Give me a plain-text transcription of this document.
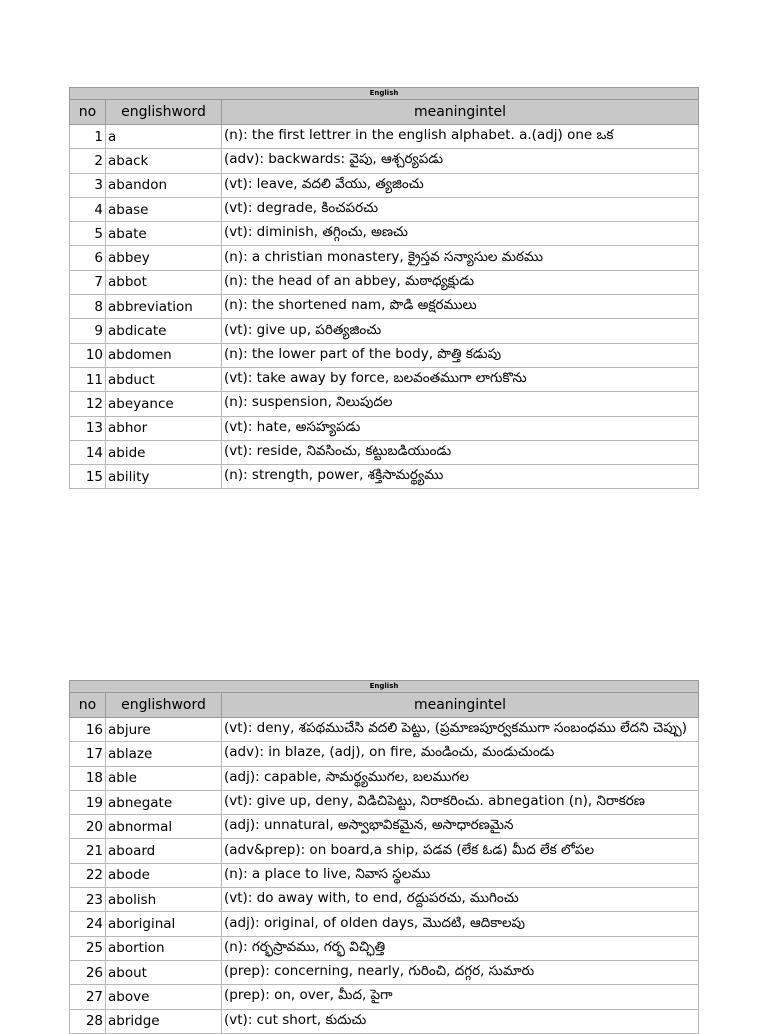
English		
no	englishword	meaningintel
1	a	(n): the first lettrer in the english alphabet. a.(adj) one ఒక
2	aback	(adv): backwards: వైపు, ఆశ్చర్యపడు
3	abandon	(vt): leave, వదలి వేయు, త్యజించు
4	abase	(vt): degrade, కించపరచు
5	abate	(vt): diminish, తగ్గించు, అణచు
6	abbey	(n): a christian monastery, క్రైస్తవ సన్యాసుల మఠము
7	abbot	(n): the head of an abbey, మఠాధ్యక్షుడు
8	abbreviation	(n): the shortened nam, పొడి అక్షరములు
9	abdicate	(vt): give up, పరిత్యజించు
10	abdomen	(n): the lower part of the body, పొత్తి కడుపు
11	abduct	(vt): take away by force, బలవంతముగా లాగుకొను
12	abeyance	(n): suspension, నిలుపుదల
13	abhor	(vt): hate, అసహ్యపడు
14	abide	(vt): reside, నివసించు, కట్టుబడియుండు
15	ability	(n): strength, power, శక్తిసామర్థ్యము
English		
no	englishword	meaningintel
16	abjure	(vt): deny, శపథముచేసి వదలి పెట్టు, (ప్రమాణపూర్వకముగా సంబంధము లేదని చెప్పు)
17	ablaze	(adv): in blaze, (adj), on fire, మండించు, మండుచుండు
18	able	(adj): capable, సామర్థ్యముగల, బలముగల
19	abnegate	(vt): give up, deny, విడిచిపెట్టు, నిరాకరించు. abnegation (n), నిరాకరణ
20	abnormal	(adj): unnatural, అస్వాభావికమైన, అసాధారణమైన
21	aboard	(adv&prep): on board,a ship, పడవ (లేక ఓడ) మీద లేక లోపల
22	abode	(n): a place to live, నివాస స్థలము
23	abolish	(vt): do away with, to end, రద్దుపరచు, ముగించు
24	aboriginal	(adj): original, of olden days, మొదటి, ఆదికాలపు
25	abortion	(n): గర్భస్రావము, గర్భ విచ్ఛిత్తి
26	about	(prep): concerning, nearly, గురించి, దగ్గర, సుమారు
27	above	(prep): on, over, మీద, పైగా
28	abridge	(vt): cut short, కుదుచు
